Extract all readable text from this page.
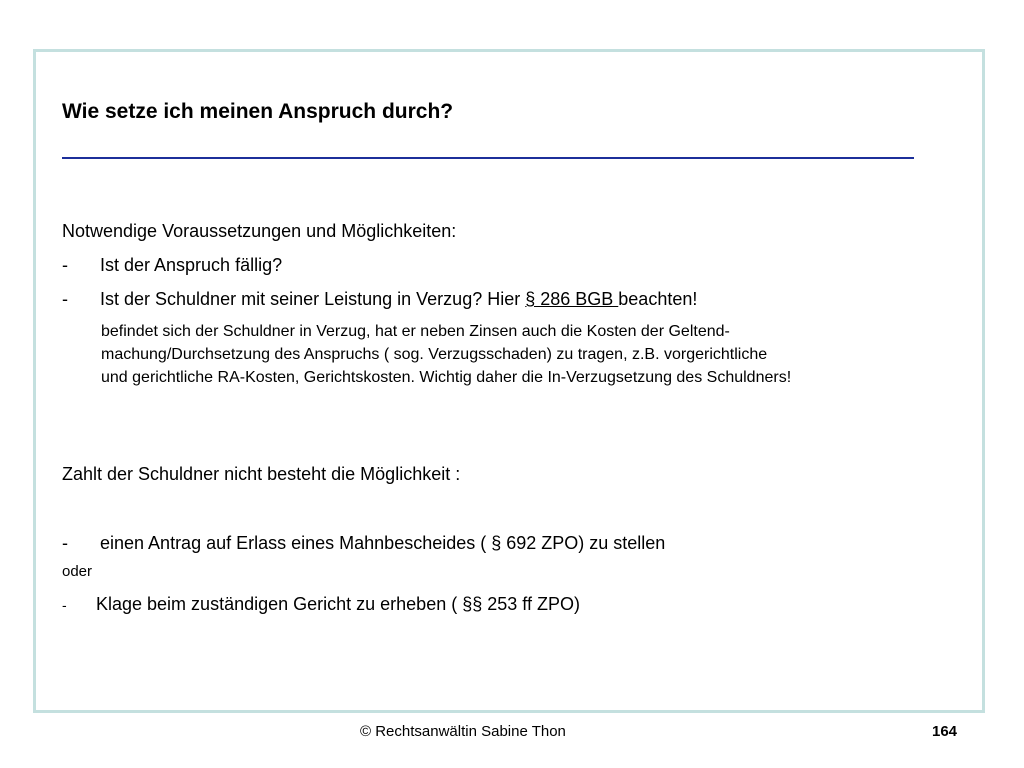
Wie setze ich meinen Anspruch durch?

Notwendige Voraussetzungen und Möglichkeiten:

- Ist der Anspruch fällig?

- Ist der Schuldner mit seiner Leistung in Verzug? Hier § 286 BGB beachten!

befindet sich der Schuldner in Verzug, hat er neben Zinsen auch die Kosten der Geltend-
machung/Durchsetzung des Anspruchs ( sog. Verzugsschaden) zu tragen, z.B. vorgerichtliche
und gerichtliche RA-Kosten, Gerichtskosten. Wichtig daher die In-Verzugsetzung des Schuldners!

Zahlt der Schuldner nicht besteht die Möglichkeit :

- einen Antrag auf Erlass eines Mahnbescheides ( § 692 ZPO) zu stellen

oder

- Klage beim zuständigen Gericht zu erheben ( §§ 253 ff ZPO)

© Rechtsanwältin Sabine Thon	164
